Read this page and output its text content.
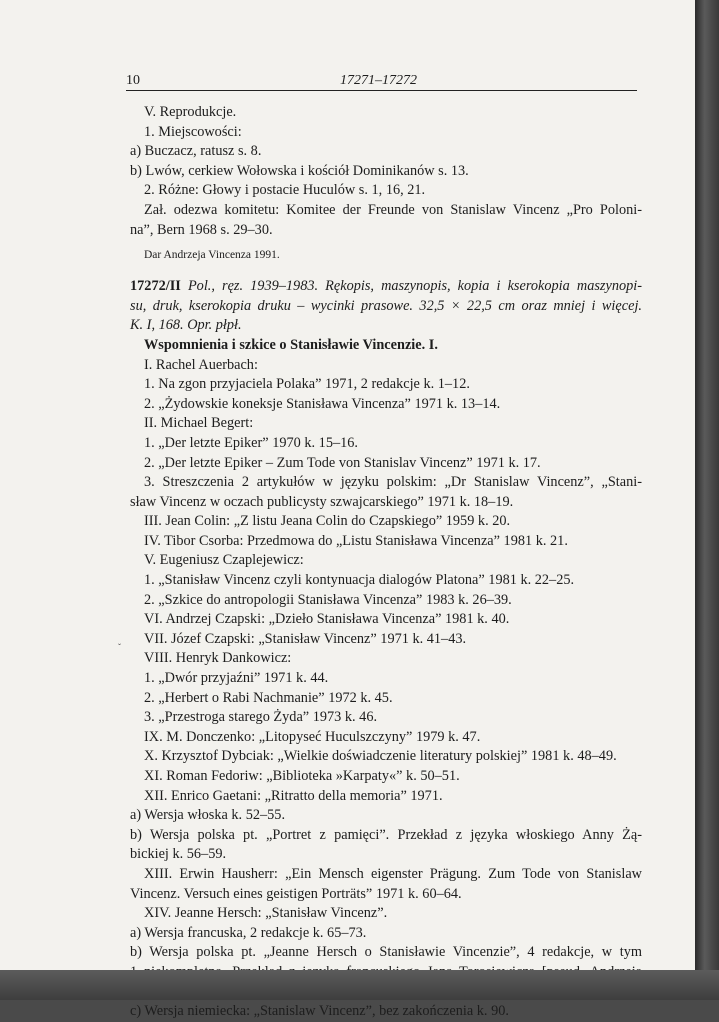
10	17271–17272
ˇ
V. Reprodukcje.
1. Miejscowości:
a) Buczacz, ratusz s. 8.
b) Lwów, cerkiew Wołowska i kościół Dominikanów s. 13.
2. Różne: Głowy i postacie Huculów s. 1, 16, 21.
Zał. odezwa komitetu: Komitee der Freunde von Stanislaw Vincenz „Pro Poloni-
na”, Bern 1968 s. 29–30.
Dar Andrzeja Vincenza 1991.
17272/II Pol., ręz. 1939–1983. Rękopis, maszynopis, kopia i kserokopia maszynopi-
su, druk, kserokopia druku – wycinki prasowe. 32,5 × 22,5 cm oraz mniej i więcej.
K. I, 168. Opr. płpł.
Wspomnienia i szkice o Stanisławie Vincenzie. I.
I. Rachel Auerbach:
1. Na zgon przyjaciela Polaka” 1971, 2 redakcje k. 1–12.
2. „Żydowskie koneksje Stanisława Vincenza” 1971 k. 13–14.
II. Michael Begert:
1. „Der letzte Epiker” 1970 k. 15–16.
2. „Der letzte Epiker – Zum Tode von Stanislav Vincenz” 1971 k. 17.
3. Streszczenia 2 artykułów w języku polskim: „Dr Stanislaw Vincenz”, „Stani-
sław Vincenz w oczach publicysty szwajcarskiego” 1971 k. 18–19.
III. Jean Colin: „Z listu Jeana Colin do Czapskiego” 1959 k. 20.
IV. Tibor Csorba: Przedmowa do „Listu Stanisława Vincenza” 1981 k. 21.
V. Eugeniusz Czaplejewicz:
1. „Stanisław Vincenz czyli kontynuacja dialogów Platona” 1981 k. 22–25.
2. „Szkice do antropologii Stanisława Vincenza” 1983 k. 26–39.
VI. Andrzej Czapski: „Dzieło Stanisława Vincenza” 1981 k. 40.
VII. Józef Czapski: „Stanisław Vincenz” 1971 k. 41–43.
VIII. Henryk Dankowicz:
1. „Dwór przyjaźni” 1971 k. 44.
2. „Herbert o Rabi Nachmanie” 1972 k. 45.
3. „Przestroga starego Żyda” 1973 k. 46.
IX. M. Donczenko: „Litopyseć Huculszczyny” 1979 k. 47.
X. Krzysztof Dybciak: „Wielkie doświadczenie literatury polskiej” 1981 k. 48–49.
XI. Roman Fedoriw: „Biblioteka »Karpaty«” k. 50–51.
XII. Enrico Gaetani: „Ritratto della memoria” 1971.
a) Wersja włoska k. 52–55.
b) Wersja polska pt. „Portret z pamięci”. Przekład z języka włoskiego Anny Żą-
bickiej k. 56–59.
XIII. Erwin Hausherr: „Ein Mensch eigenster Prägung. Zum Tode von Stanislaw
Vincenz. Versuch eines geistigen Porträts” 1971 k. 60–64.
XIV. Jeanne Hersch: „Stanisław Vincenz”.
a) Wersja francuska, 2 redakcje k. 65–73.
b) Wersja polska pt. „Jeanne Hersch o Stanisławie Vincenzie”, 4 redakcje, w tym
c) Wersja niemiecka: „Stanislaw Vincenz”, bez zakończenia k. 90.
